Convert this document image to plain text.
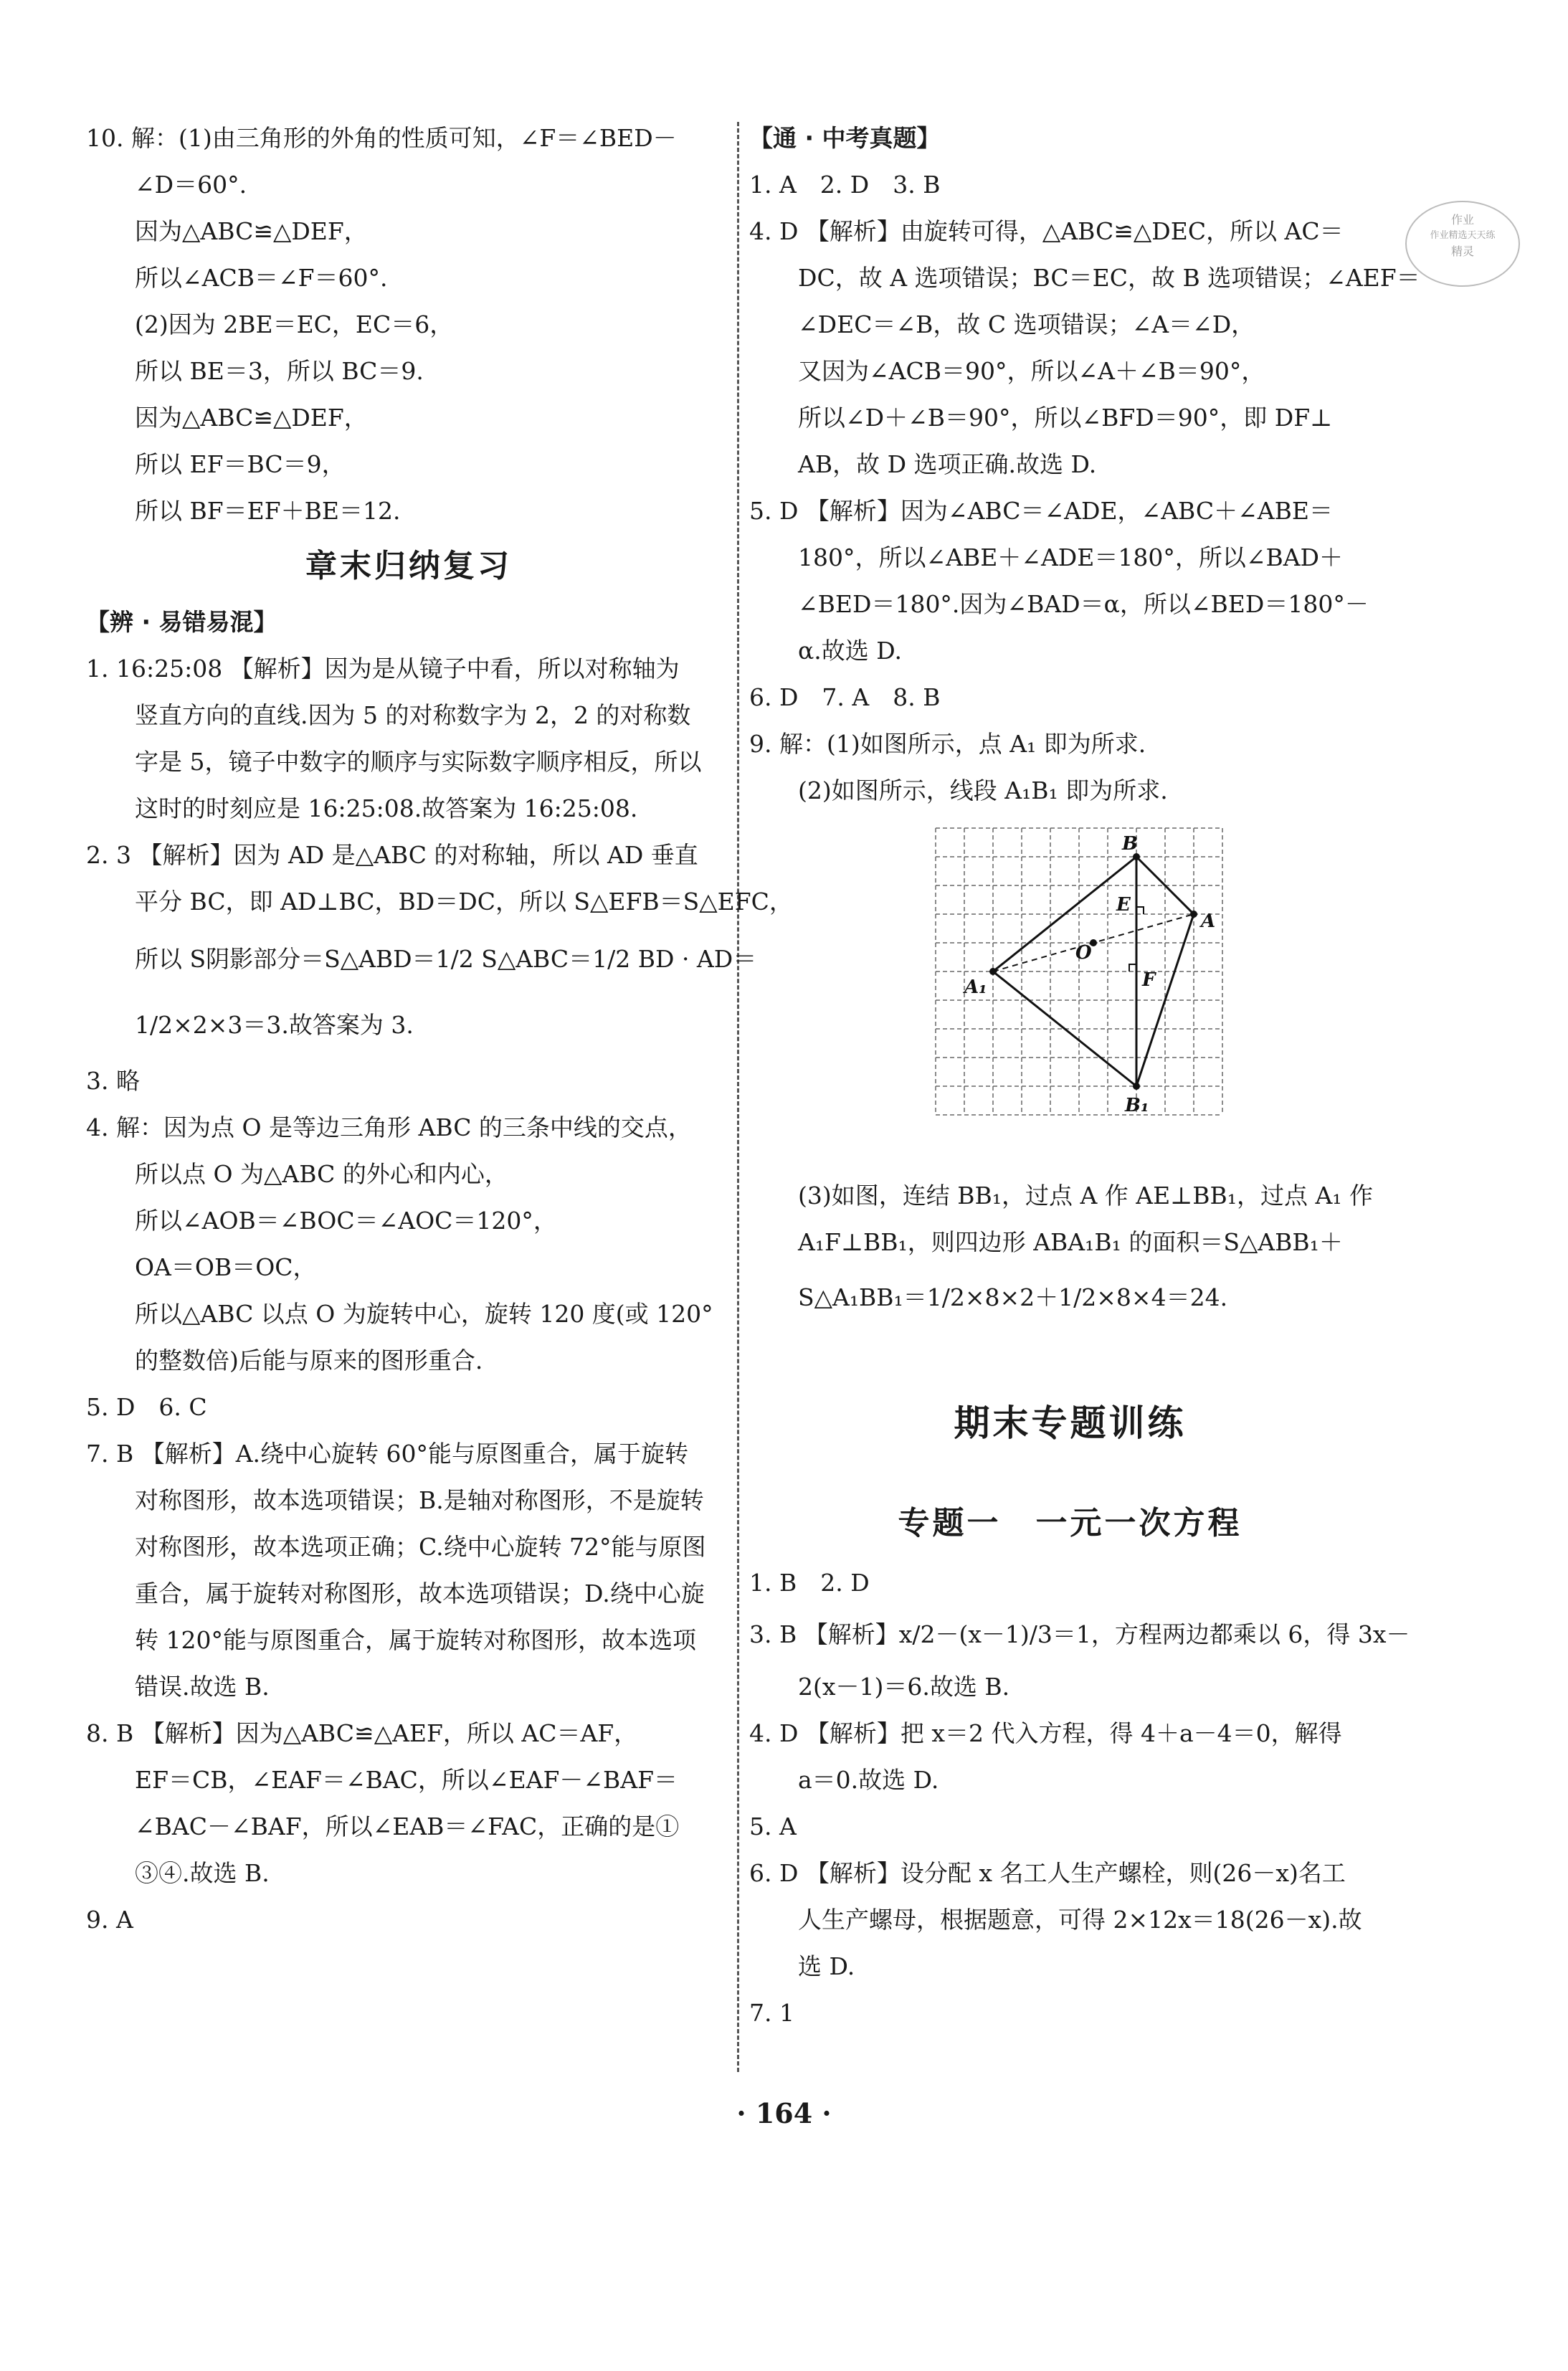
作业
作业精选天天练
精灵
10. 解：(1)由三角形的外角的性质可知，∠F＝∠BED－
∠D＝60°.
因为△ABC≌△DEF，
所以∠ACB＝∠F＝60°.
(2)因为 2BE＝EC，EC＝6，
所以 BE＝3，所以 BC＝9.
因为△ABC≌△DEF，
所以 EF＝BC＝9，
所以 BF＝EF＋BE＝12.
章末归纳复习
【辨 · 易错易混】
1. 16:25:08 【解析】因为是从镜子中看，所以对称轴为
竖直方向的直线.因为 5 的对称数字为 2，2 的对称数
字是 5，镜子中数字的顺序与实际数字顺序相反，所以
这时的时刻应是 16:25:08.故答案为 16:25:08.
2. 3 【解析】因为 AD 是△ABC 的对称轴，所以 AD 垂直
平分 BC，即 AD⊥BC，BD＝DC，所以 S△EFB＝S△EFC，
所以 S阴影部分＝S△ABD＝1/2 S△ABC＝1/2 BD · AD＝
1/2×2×3＝3.故答案为 3.
3. 略
4. 解：因为点 O 是等边三角形 ABC 的三条中线的交点，
所以点 O 为△ABC 的外心和内心，
所以∠AOB＝∠BOC＝∠AOC＝120°，
OA＝OB＝OC，
所以△ABC 以点 O 为旋转中心，旋转 120 度(或 120°
的整数倍)后能与原来的图形重合.
5. D　6. C
7. B 【解析】A.绕中心旋转 60°能与原图重合，属于旋转
对称图形，故本选项错误；B.是轴对称图形，不是旋转
对称图形，故本选项正确；C.绕中心旋转 72°能与原图
重合，属于旋转对称图形，故本选项错误；D.绕中心旋
转 120°能与原图重合，属于旋转对称图形，故本选项
错误.故选 B.
8. B 【解析】因为△ABC≌△AEF，所以 AC＝AF，
EF＝CB，∠EAF＝∠BAC，所以∠EAF－∠BAF＝
∠BAC－∠BAF，所以∠EAB＝∠FAC，正确的是①
③④.故选 B.
9. A
【通 · 中考真题】
1. A　2. D　3. B
4. D 【解析】由旋转可得，△ABC≌△DEC，所以 AC＝
DC，故 A 选项错误；BC＝EC，故 B 选项错误；∠AEF＝
∠DEC＝∠B，故 C 选项错误；∠A＝∠D，
又因为∠ACB＝90°，所以∠A＋∠B＝90°，
所以∠D＋∠B＝90°，所以∠BFD＝90°，即 DF⊥
AB，故 D 选项正确.故选 D.
5. D 【解析】因为∠ABC＝∠ADE，∠ABC＋∠ABE＝
180°，所以∠ABE＋∠ADE＝180°，所以∠BAD＋
∠BED＝180°.因为∠BAD＝α，所以∠BED＝180°－
α.故选 D.
6. D　7. A　8. B
9. 解：(1)如图所示，点 A₁ 即为所求.
(2)如图所示，线段 A₁B₁ 即为所求.
B
E
A
O
A₁	F
B₁
(3)如图，连结 BB₁，过点 A 作 AE⊥BB₁，过点 A₁ 作
A₁F⊥BB₁，则四边形 ABA₁B₁ 的面积＝S△ABB₁＋
S△A₁BB₁＝1/2×8×2＋1/2×8×4＝24.
期末专题训练
专题一　一元一次方程
1. B　2. D
3. B 【解析】x/2－(x－1)/3＝1，方程两边都乘以 6，得 3x－
2(x－1)＝6.故选 B.
4. D 【解析】把 x＝2 代入方程，得 4＋a－4＝0，解得
a＝0.故选 D.
5. A
6. D 【解析】设分配 x 名工人生产螺栓，则(26－x)名工
人生产螺母，根据题意，可得 2×12x＝18(26－x).故
选 D.
7. 1
· 164 ·
